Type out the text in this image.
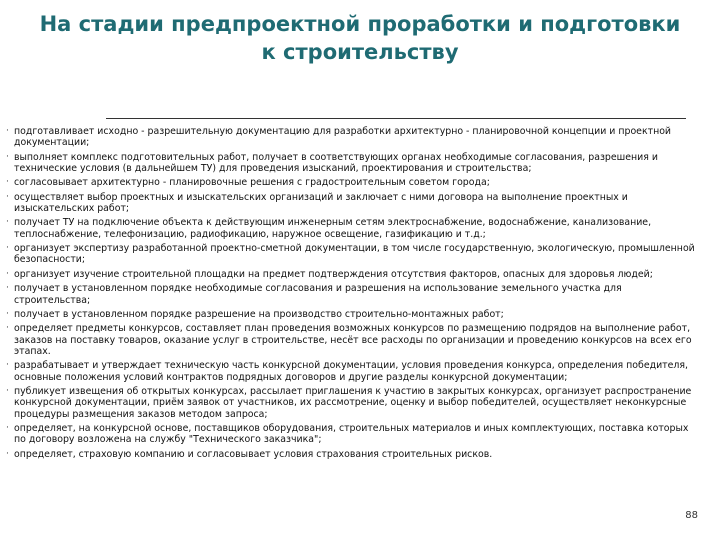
На стадии предпроектной проработки и подготовки
к строительству
· подготавливает исходно - разрешительную документацию для разработки архитектурно - планировочной концепции и проектной документации;
· выполняет комплекс подготовительных работ, получает в соответствующих органах необходимые согласования, разрешения и технические условия (в дальнейшем ТУ) для проведения изысканий, проектирования и строительства;
· согласовывает архитектурно - планировочные решения с градостроительным советом города;
· осуществляет выбор проектных и изыскательских организаций и заключает с ними договора на выполнение проектных и изыскательских работ;
· получает ТУ на подключение объекта к действующим инженерным сетям электроснабжение, водоснабжение, канализование, теплоснабжение, телефонизацию, радиофикацию, наружное освещение, газификацию и т.д.;
· организует экспертизу разработанной проектно-сметной документации, в том числе государственную, экологическую, промышленной безопасности;
· организует изучение строительной площадки на предмет подтверждения отсутствия факторов, опасных для здоровья людей;
· получает в установленном порядке необходимые согласования и разрешения на использование земельного участка для строительства;
· получает в установленном порядке разрешение на производство строительно-монтажных работ;
· определяет предметы конкурсов, составляет план проведения возможных конкурсов по размещению подрядов на выполнение работ, заказов на поставку товаров, оказание услуг в строительстве, несёт все расходы по организации и проведению конкурсов на всех его этапах.
· разрабатывает и утверждает техническую часть конкурсной документации, условия проведения конкурса, определения победителя, основные положения условий контрактов подрядных договоров и другие разделы конкурсной документации;
· публикует извещения об открытых конкурсах, рассылает приглашения к участию в закрытых конкурсах, организует распространение конкурсной документации, приём заявок от участников, их рассмотрение, оценку и выбор победителей, осуществляет неконкурсные процедуры размещения заказов методом запроса;
· определяет, на конкурсной основе, поставщиков оборудования, строительных материалов и иных комплектующих, поставка которых по договору возложена на службу "Технического заказчика";
· определяет, страховую компанию и согласовывает условия страхования строительных рисков.
88
